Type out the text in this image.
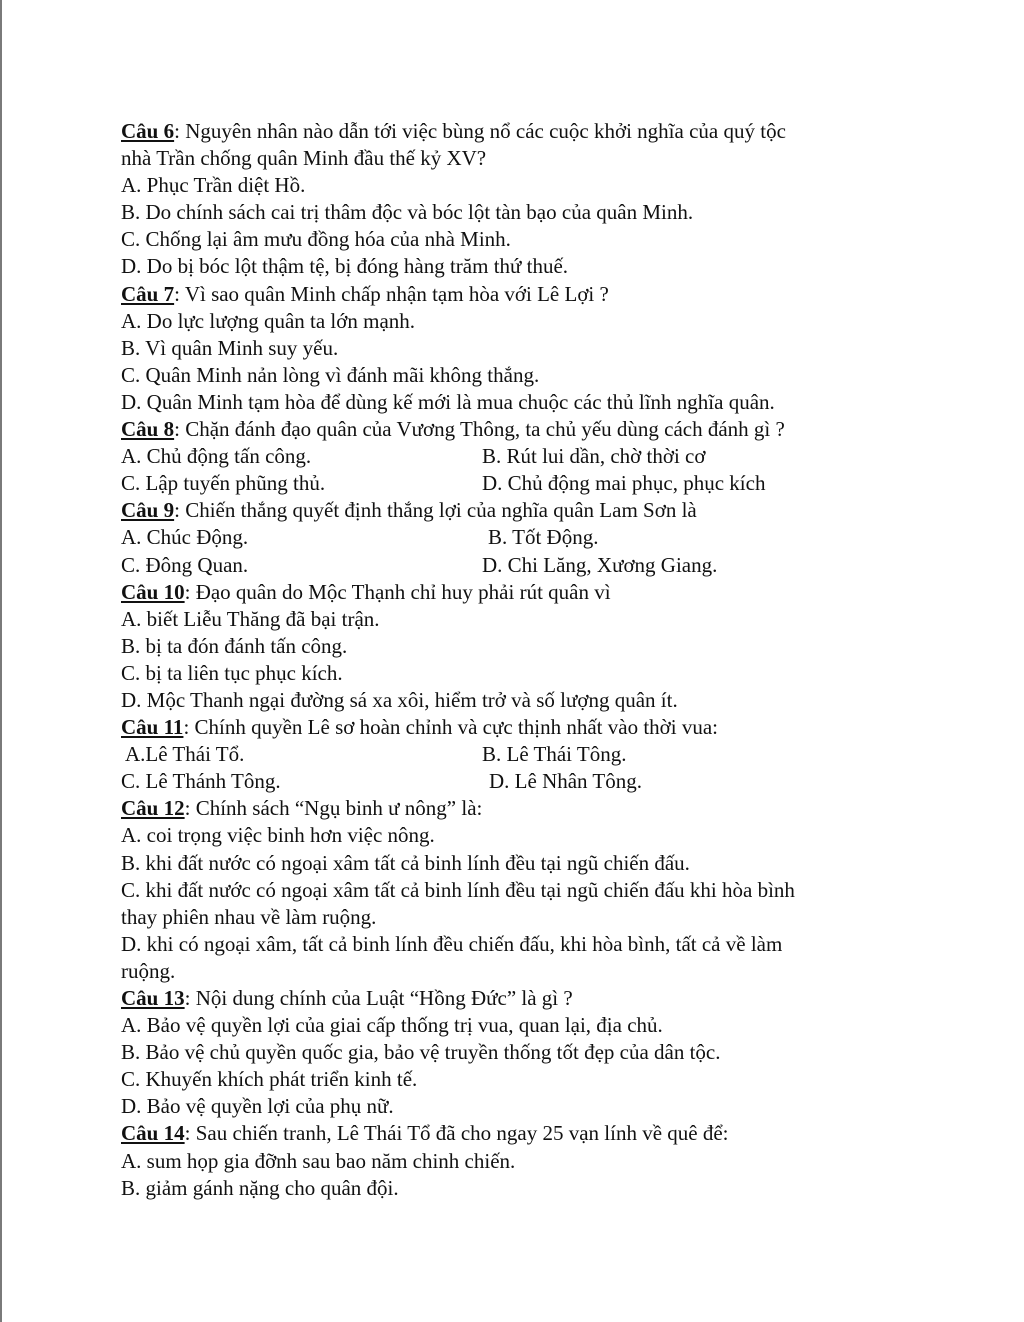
Câu 6: Nguyên nhân nào dẫn tới việc bùng nổ các cuộc khởi nghĩa của quý tộc
nhà Trần chống quân Minh đầu thế kỷ XV?
A. Phục Trần diệt Hồ.
B. Do chính sách cai trị thâm độc và bóc lột tàn bạo của quân Minh.
C. Chống lại âm mưu đồng hóa của nhà Minh.
D. Do bị bóc lột thậm tệ, bị đóng hàng trăm thứ thuế.
Câu 7: Vì sao quân Minh chấp nhận tạm hòa với Lê Lợi ?
A. Do lực lượng quân ta lớn mạnh.
B. Vì quân Minh suy yếu.
C. Quân Minh nản lòng vì đánh mãi không thắng.
D. Quân Minh tạm hòa để dùng kế mới là mua chuộc các thủ lĩnh nghĩa quân.
Câu 8: Chặn đánh đạo quân của Vương Thông, ta chủ yếu dùng cách đánh gì ?
A. Chủ động tấn công.	B. Rút lui dần, chờ thời cơ
C. Lập tuyến phũng thủ.	D. Chủ động mai phục, phục kích
Câu 9: Chiến thắng quyết định thắng lợi của nghĩa quân Lam Sơn là
A. Chúc Động.	B. Tốt Động.
C. Đông Quan.	D. Chi Lăng, Xương Giang.
Câu 10: Đạo quân do Mộc Thạnh chỉ huy phải rút quân vì
A. biết Liễu Thăng đã bại trận.
B. bị ta đón đánh tấn công.
C. bị ta liên tục phục kích.
D. Mộc Thanh ngại đường sá xa xôi, hiểm trở và số lượng quân ít.
Câu 11: Chính quyền Lê sơ hoàn chỉnh và cực thịnh nhất vào thời vua:
A.Lê Thái Tổ.	B. Lê Thái Tông.
C. Lê Thánh Tông.	D. Lê Nhân Tông.
Câu 12: Chính sách “Ngụ binh ư nông” là:
A. coi trọng việc binh hơn việc nông.
B. khi đất nước có ngoại xâm tất cả binh lính đều tại ngũ chiến đấu.
C. khi đất nước có ngoại xâm tất cả binh lính đều tại ngũ chiến đấu khi hòa bình
thay phiên nhau về làm ruộng.
D. khi có ngoại xâm, tất cả binh lính đều chiến đấu, khi hòa bình, tất cả về làm
ruộng.
Câu 13: Nội dung chính của Luật “Hồng Đức” là gì ?
A. Bảo vệ quyền lợi của giai cấp thống trị vua, quan lại, địa chủ.
B. Bảo vệ chủ quyền quốc gia, bảo vệ truyền thống tốt đẹp của dân tộc.
C. Khuyến khích phát triển kinh tế.
D. Bảo vệ quyền lợi của phụ nữ.
Câu 14: Sau chiến tranh, Lê Thái Tổ đã cho ngay 25 vạn lính về quê để:
A. sum họp gia đỡnh sau bao năm chinh chiến.
B. giảm gánh nặng cho quân đội.
